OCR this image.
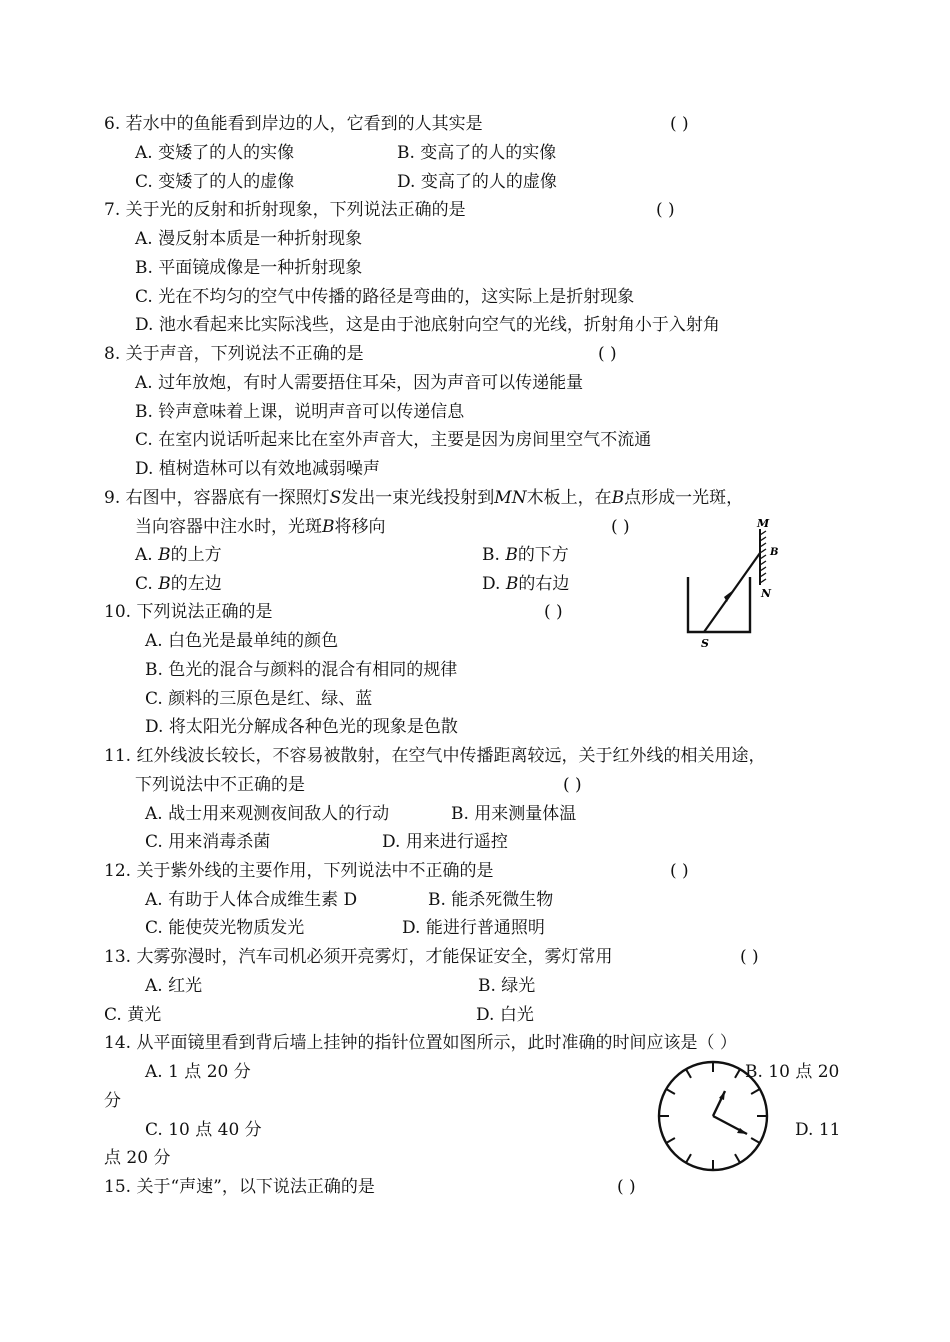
6. 若水中的鱼能看到岸边的人，它看到的人其实是	( )
A. 变矮了的人的实像	B. 变高了的人的实像
C. 变矮了的人的虚像	D. 变高了的人的虚像
7. 关于光的反射和折射现象，下列说法正确的是	( )
A. 漫反射本质是一种折射现象
B. 平面镜成像是一种折射现象
C. 光在不均匀的空气中传播的路径是弯曲的，这实际上是折射现象
D. 池水看起来比实际浅些，这是由于池底射向空气的光线，折射角小于入射角
8. 关于声音，下列说法不正确的是	( )
A. 过年放炮，有时人需要捂住耳朵，因为声音可以传递能量
B. 铃声意味着上课，说明声音可以传递信息
C. 在室内说话听起来比在室外声音大，主要是因为房间里空气不流通
D. 植树造林可以有效地减弱噪声
9. 右图中，容器底有一探照灯S发出一束光线投射到MN木板上，在B点形成一光斑，
当向容器中注水时，光斑B将移向	( )
A. B的上方	B. B的下方
C. B的左边	D. B的右边
M
B
N
S
10. 下列说法正确的是	( )
A. 白色光是最单纯的颜色
B. 色光的混合与颜料的混合有相同的规律
C. 颜料的三原色是红、绿、蓝
D. 将太阳光分解成各种色光的现象是色散
11. 红外线波长较长，不容易被散射，在空气中传播距离较远，关于红外线的相关用途，
下列说法中不正确的是	( )
A. 战士用来观测夜间敌人的行动	B. 用来测量体温
C. 用来消毒杀菌	D. 用来进行遥控
12. 关于紫外线的主要作用，下列说法中不正确的是	( )
A. 有助于人体合成维生素 D	B. 能杀死微生物
C. 能使荧光物质发光	D. 能进行普通照明
13. 大雾弥漫时，汽车司机必须开亮雾灯，才能保证安全，雾灯常用	( )
A. 红光	B. 绿光
C. 黄光	D. 白光
14. 从平面镜里看到背后墙上挂钟的指针位置如图所示，此时准确的时间应该是（ ）
A. 1 点 20 分	B. 10 点 20
分
C. 10 点 40 分	D. 11
点 20 分
15. 关于“声速”，以下说法正确的是	( )
